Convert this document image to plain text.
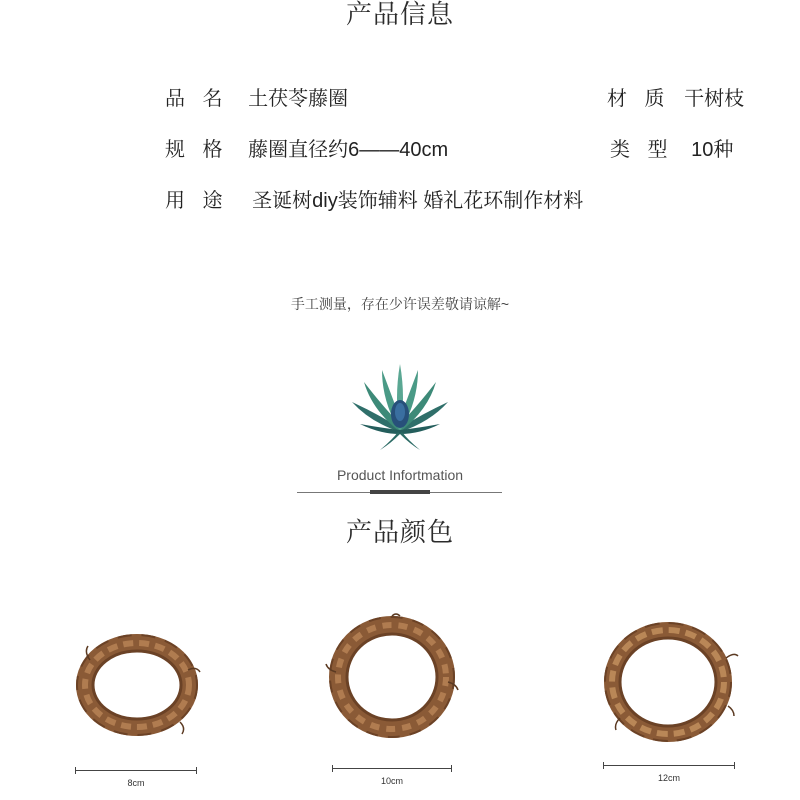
产品信息
品 名 土茯苓藤圈	材 质 干树枝
规 格 藤圈直径约6——40cm	类 型 10种
用 途 圣诞树diy装饰辅料 婚礼花环制作材料
手工测量，存在少许误差敬请谅解~
Product Infortmation
产品颜色
8cm	10cm	12cm
